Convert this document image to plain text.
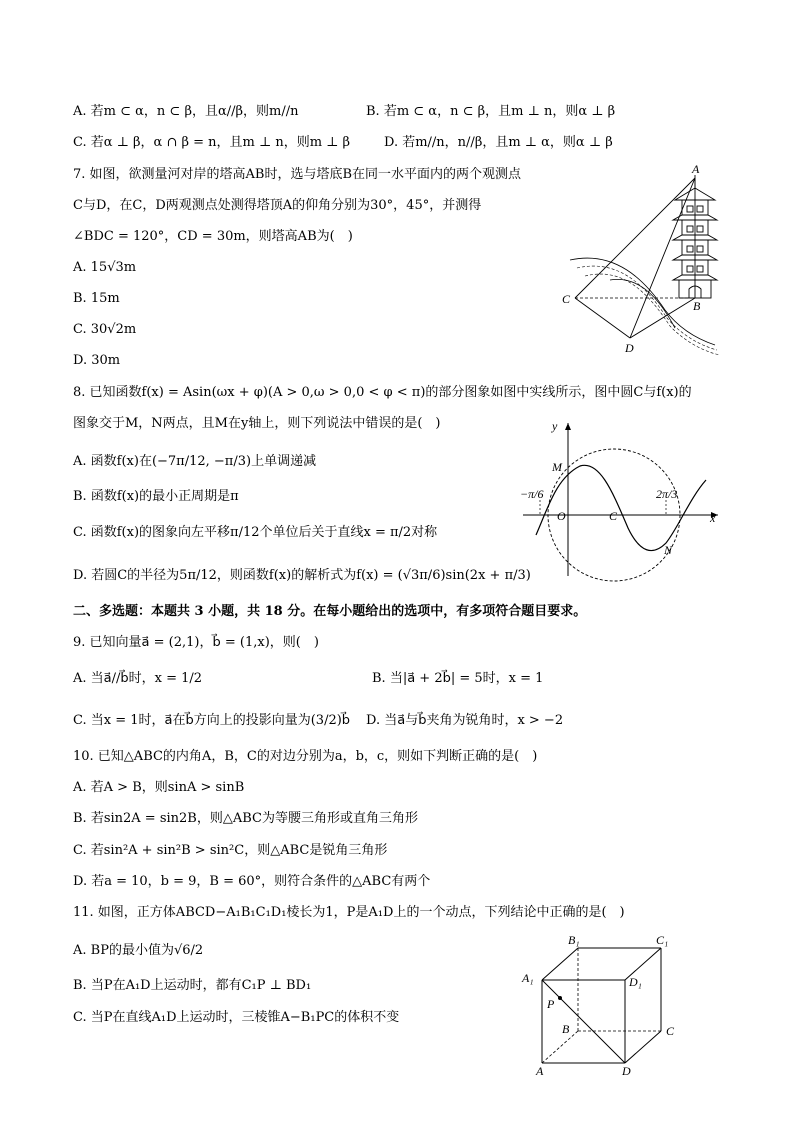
A. 若m ⊂ α，n ⊂ β，且α//β，则m//n	B. 若m ⊂ α，n ⊂ β，且m ⊥ n，则α ⊥ β
C. 若α ⊥ β，α ∩ β = n，且m ⊥ n，则m ⊥ β	D. 若m//n，n//β，且m ⊥ α，则α ⊥ β
7. 如图，欲测量河对岸的塔高AB时，选与塔底B在同一水平面内的两个观测点
C与D，在C，D两观测点处测得塔顶A的仰角分别为30°，45°，并测得
∠BDC = 120°，CD = 30m，则塔高AB为(　)
A. 15√3m
B. 15m
C. 30√2m
D. 30m
A
B
C
D
8. 已知函数f(x) = Asin(ωx + φ)(A > 0,ω > 0,0 < φ < π)的部分图象如图中实线所示，图中圆C与f(x)的
图象交于M，N两点，且M在y轴上，则下列说法中错误的是(　)
A. 函数f(x)在(−7π/12, −π/3)上单调递减
B. 函数f(x)的最小正周期是π
C. 函数f(x)的图象向左平移π/12个单位后关于直线x = π/2对称
D. 若圆C的半径为5π/12，则函数f(x)的解析式为f(x) = (√3π/6)sin(2x + π/3)
y
x
M
O	C
N
−π/6	2π/3
二、多选题：本题共 3 小题，共 18 分。在每小题给出的选项中，有多项符合题目要求。
9. 已知向量a⃗ = (2,1)，b⃗ = (1,x)，则(　)
A. 当a⃗//b⃗时，x = 1/2	B. 当|a⃗ + 2b⃗| = 5时，x = 1
C. 当x = 1时，a⃗在b⃗方向上的投影向量为(3/2)b⃗ D. 当a⃗与b⃗夹角为锐角时，x > −2
10. 已知△ABC的内角A，B，C的对边分别为a，b，c，则如下判断正确的是(　)
A. 若A > B，则sinA > sinB
B. 若sin2A = sin2B，则△ABC为等腰三角形或直角三角形
C. 若sin²A + sin²B > sin²C，则△ABC是锐角三角形
D. 若a = 10，b = 9，B = 60°，则符合条件的△ABC有两个
11. 如图，正方体ABCD−A₁B₁C₁D₁棱长为1，P是A₁D上的一个动点，下列结论中正确的是(　)
A. BP的最小值为√6/2
B. 当P在A₁D上运动时，都有C₁P ⊥ BD₁
C. 当P在直线A₁D上运动时，三棱锥A−B₁PC的体积不变
A
B	C
D
A₁
B₁	C₁
D₁
P
